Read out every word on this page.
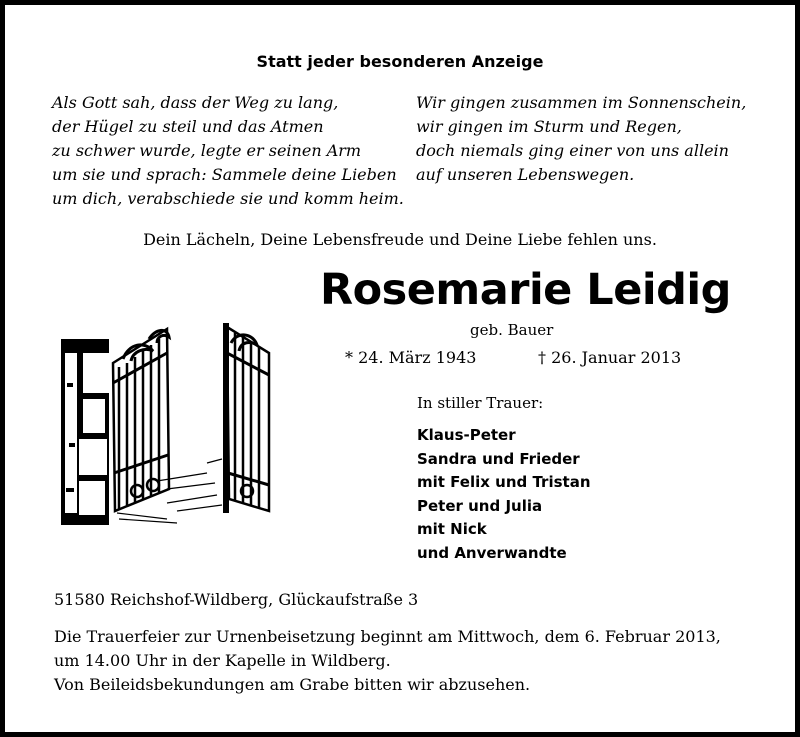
Statt jeder besonderen Anzeige
Als Gott sah, dass der Weg zu lang,
der Hügel zu steil und das Atmen
zu schwer wurde, legte er seinen Arm
um sie und sprach: Sammele deine Lieben
um dich, verabschiede sie und komm heim.
Wir gingen zusammen im Sonnenschein,
wir gingen im Sturm und Regen,
doch niemals ging einer von uns allein
auf unseren Lebenswegen.
Dein Lächeln, Deine Lebensfreude und Deine Liebe fehlen uns.
Rosemarie Leidig
geb. Bauer
* 24. März 1943	† 26. Januar 2013
In stiller Trauer:
Klaus-Peter
Sandra und Frieder
mit Felix und Tristan
Peter und Julia
mit Nick
und Anverwandte
51580 Reichshof-Wildberg, Glückaufstraße 3
Die Trauerfeier zur Urnenbeisetzung beginnt am Mittwoch, dem 6. Februar 2013,
um 14.00 Uhr in der Kapelle in Wildberg.
Von Beileidsbekundungen am Grabe bitten wir abzusehen.
